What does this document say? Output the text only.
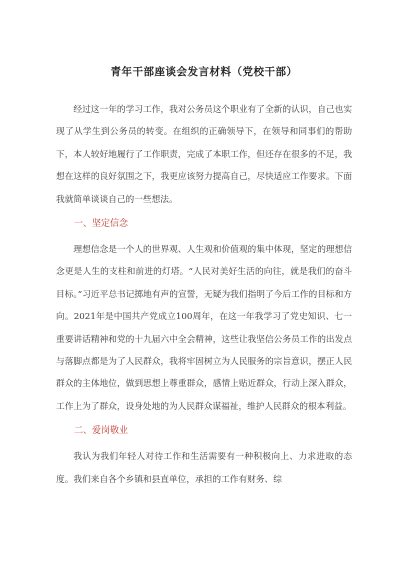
青年干部座谈会发言材料（党校干部）

经过这一年的学习工作，我对公务员这个职业有了全新的认识，自己也实现了从学生到公务员的转变。在组织的正确领导下，在领导和同事们的帮助下，本人较好地履行了工作职责，完成了本职工作，但还存在很多的不足，我想在这样的良好氛围之下，我更应该努力提高自己，尽快适应工作要求。下面我就简单谈谈自己的一些想法。

一、坚定信念

理想信念是一个人的世界观、人生观和价值观的集中体现，坚定的理想信念更是人生的支柱和前进的灯塔。“人民对美好生活的向往，就是我们的奋斗目标。”习近平总书记掷地有声的宣誓，无疑为我们指明了今后工作的目标和方向。2021年是中国共产党成立100周年，在这一年我学习了党史知识、七一重要讲话精神和党的十九届六中全会精神，这些让我坚信公务员工作的出发点与落脚点都是为了人民群众，我将牢固树立为人民服务的宗旨意识，摆正人民群众的主体地位，做到思想上尊重群众，感情上贴近群众，行动上深入群众，工作上为了群众，设身处地的为人民群众谋福祉，维护人民群众的根本利益。

二、爱岗敬业

我认为我们年轻人对待工作和生活需要有一种积极向上、力求进取的态度。我们来自各个乡镇和县直单位，承担的工作有财务、综
